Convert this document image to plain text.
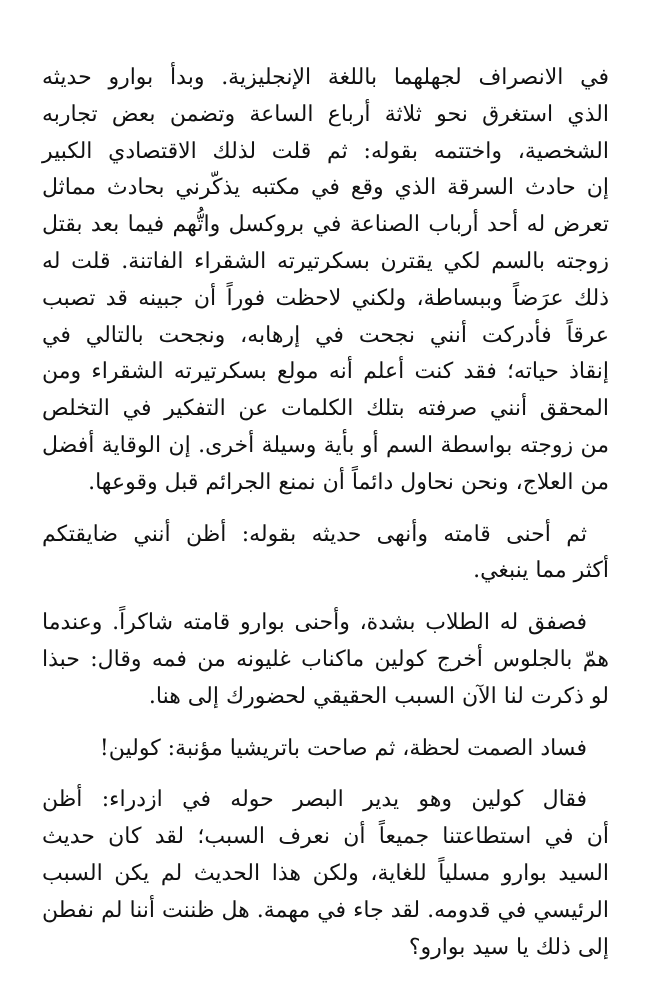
في الانصراف لجهلهما باللغة الإنجليزية. وبدأ بوارو حديثه
الذي استغرق نحو ثلاثة أرباع الساعة وتضمن بعض تجاربه
الشخصية، واختتمه بقوله: ثم قلت لذلك الاقتصادي الكبير
إن حادث السرقة الذي وقع في مكتبه يذكّرني بحادث مماثل
تعرض له أحد أرباب الصناعة في بروكسل واتُّهم فيما بعد بقتل
زوجته بالسم لكي يقترن بسكرتيرته الشقراء الفاتنة. قلت له
ذلك عرَضاً وببساطة، ولكني لاحظت فوراً أن جبينه قد تصبب
عرقاً فأدركت أنني نجحت في إرهابه، ونجحت بالتالي في
إنقاذ حياته؛ فقد كنت أعلم أنه مولع بسكرتيرته الشقراء ومن
المحقق أنني صرفته بتلك الكلمات عن التفكير في التخلص
من زوجته بواسطة السم أو بأية وسيلة أخرى. إن الوقاية أفضل
من العلاج، ونحن نحاول دائماً أن نمنع الجرائم قبل وقوعها.

ثم أحنى قامته وأنهى حديثه بقوله: أظن أنني ضايقتكم
أكثر مما ينبغي.

فصفق له الطلاب بشدة، وأحنى بوارو قامته شاكراً. وعندما
همّ بالجلوس أخرج كولين ماكناب غليونه من فمه وقال: حبذا
لو ذكرت لنا الآن السبب الحقيقي لحضورك إلى هنا.

فساد الصمت لحظة، ثم صاحت باتريشيا مؤنبة: كولين!

فقال كولين وهو يدير البصر حوله في ازدراء: أظن
أن في استطاعتنا جميعاً أن نعرف السبب؛ لقد كان حديث
السيد بوارو مسلياً للغاية، ولكن هذا الحديث لم يكن السبب
الرئيسي في قدومه. لقد جاء في مهمة. هل ظننت أننا لم نفطن
إلى ذلك يا سيد بوارو؟
